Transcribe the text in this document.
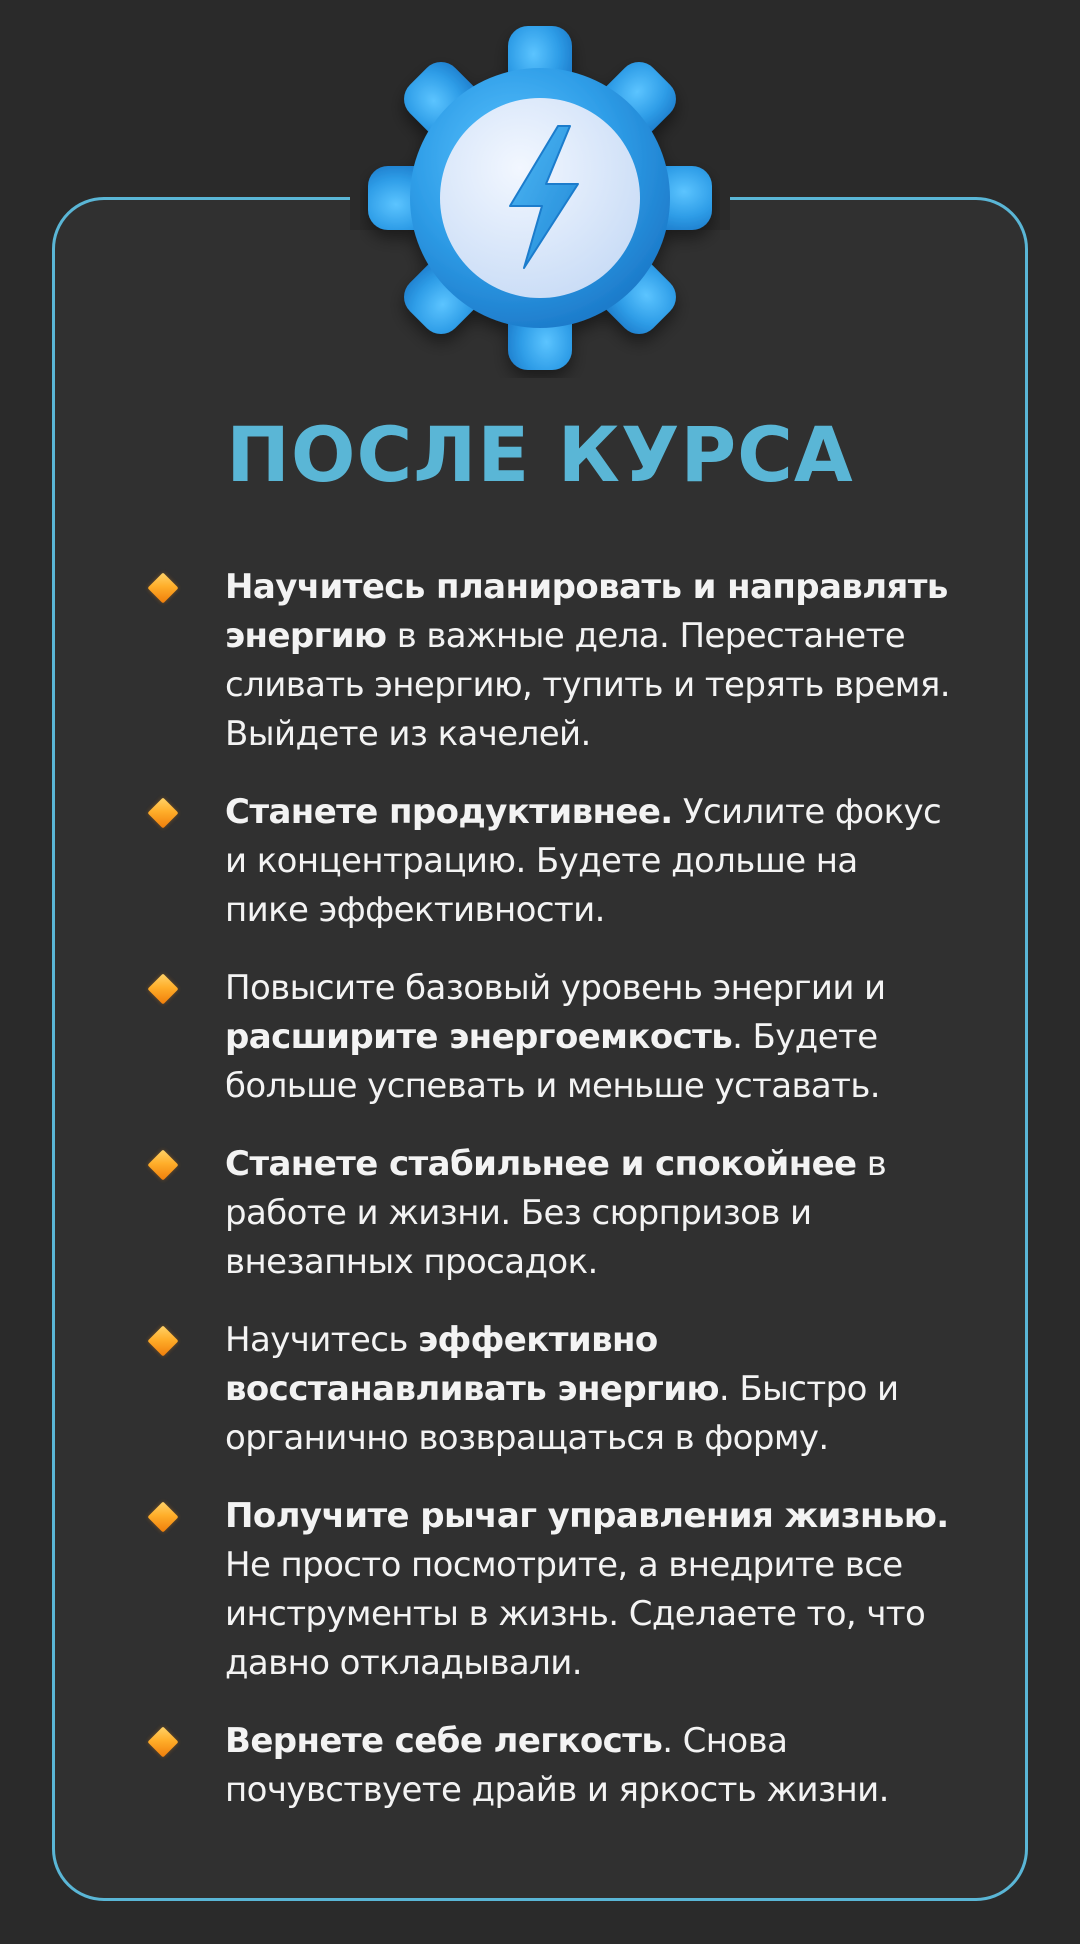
ПОСЛЕ КУРСА
Научитесь планировать и направлять энергию в важные дела. Перестанете сливать энергию, тупить и терять время. Выйдете из качелей.
Станете продуктивнее. Усилите фокус и концентрацию. Будете дольше на пике эффективности.
Повысите базовый уровень энергии и расширите энергоемкость. Будете больше успевать и меньше уставать.
Станете стабильнее и спокойнее в работе и жизни. Без сюрпризов и внезапных просадок.
Научитесь эффективно восстанавливать энергию. Быстро и органично возвращаться в форму.
Получите рычаг управления жизнью. Не просто посмотрите, а внедрите все инструменты в жизнь. Сделаете то, что давно откладывали.
Вернете себе легкость. Снова почувствуете драйв и яркость жизни.
